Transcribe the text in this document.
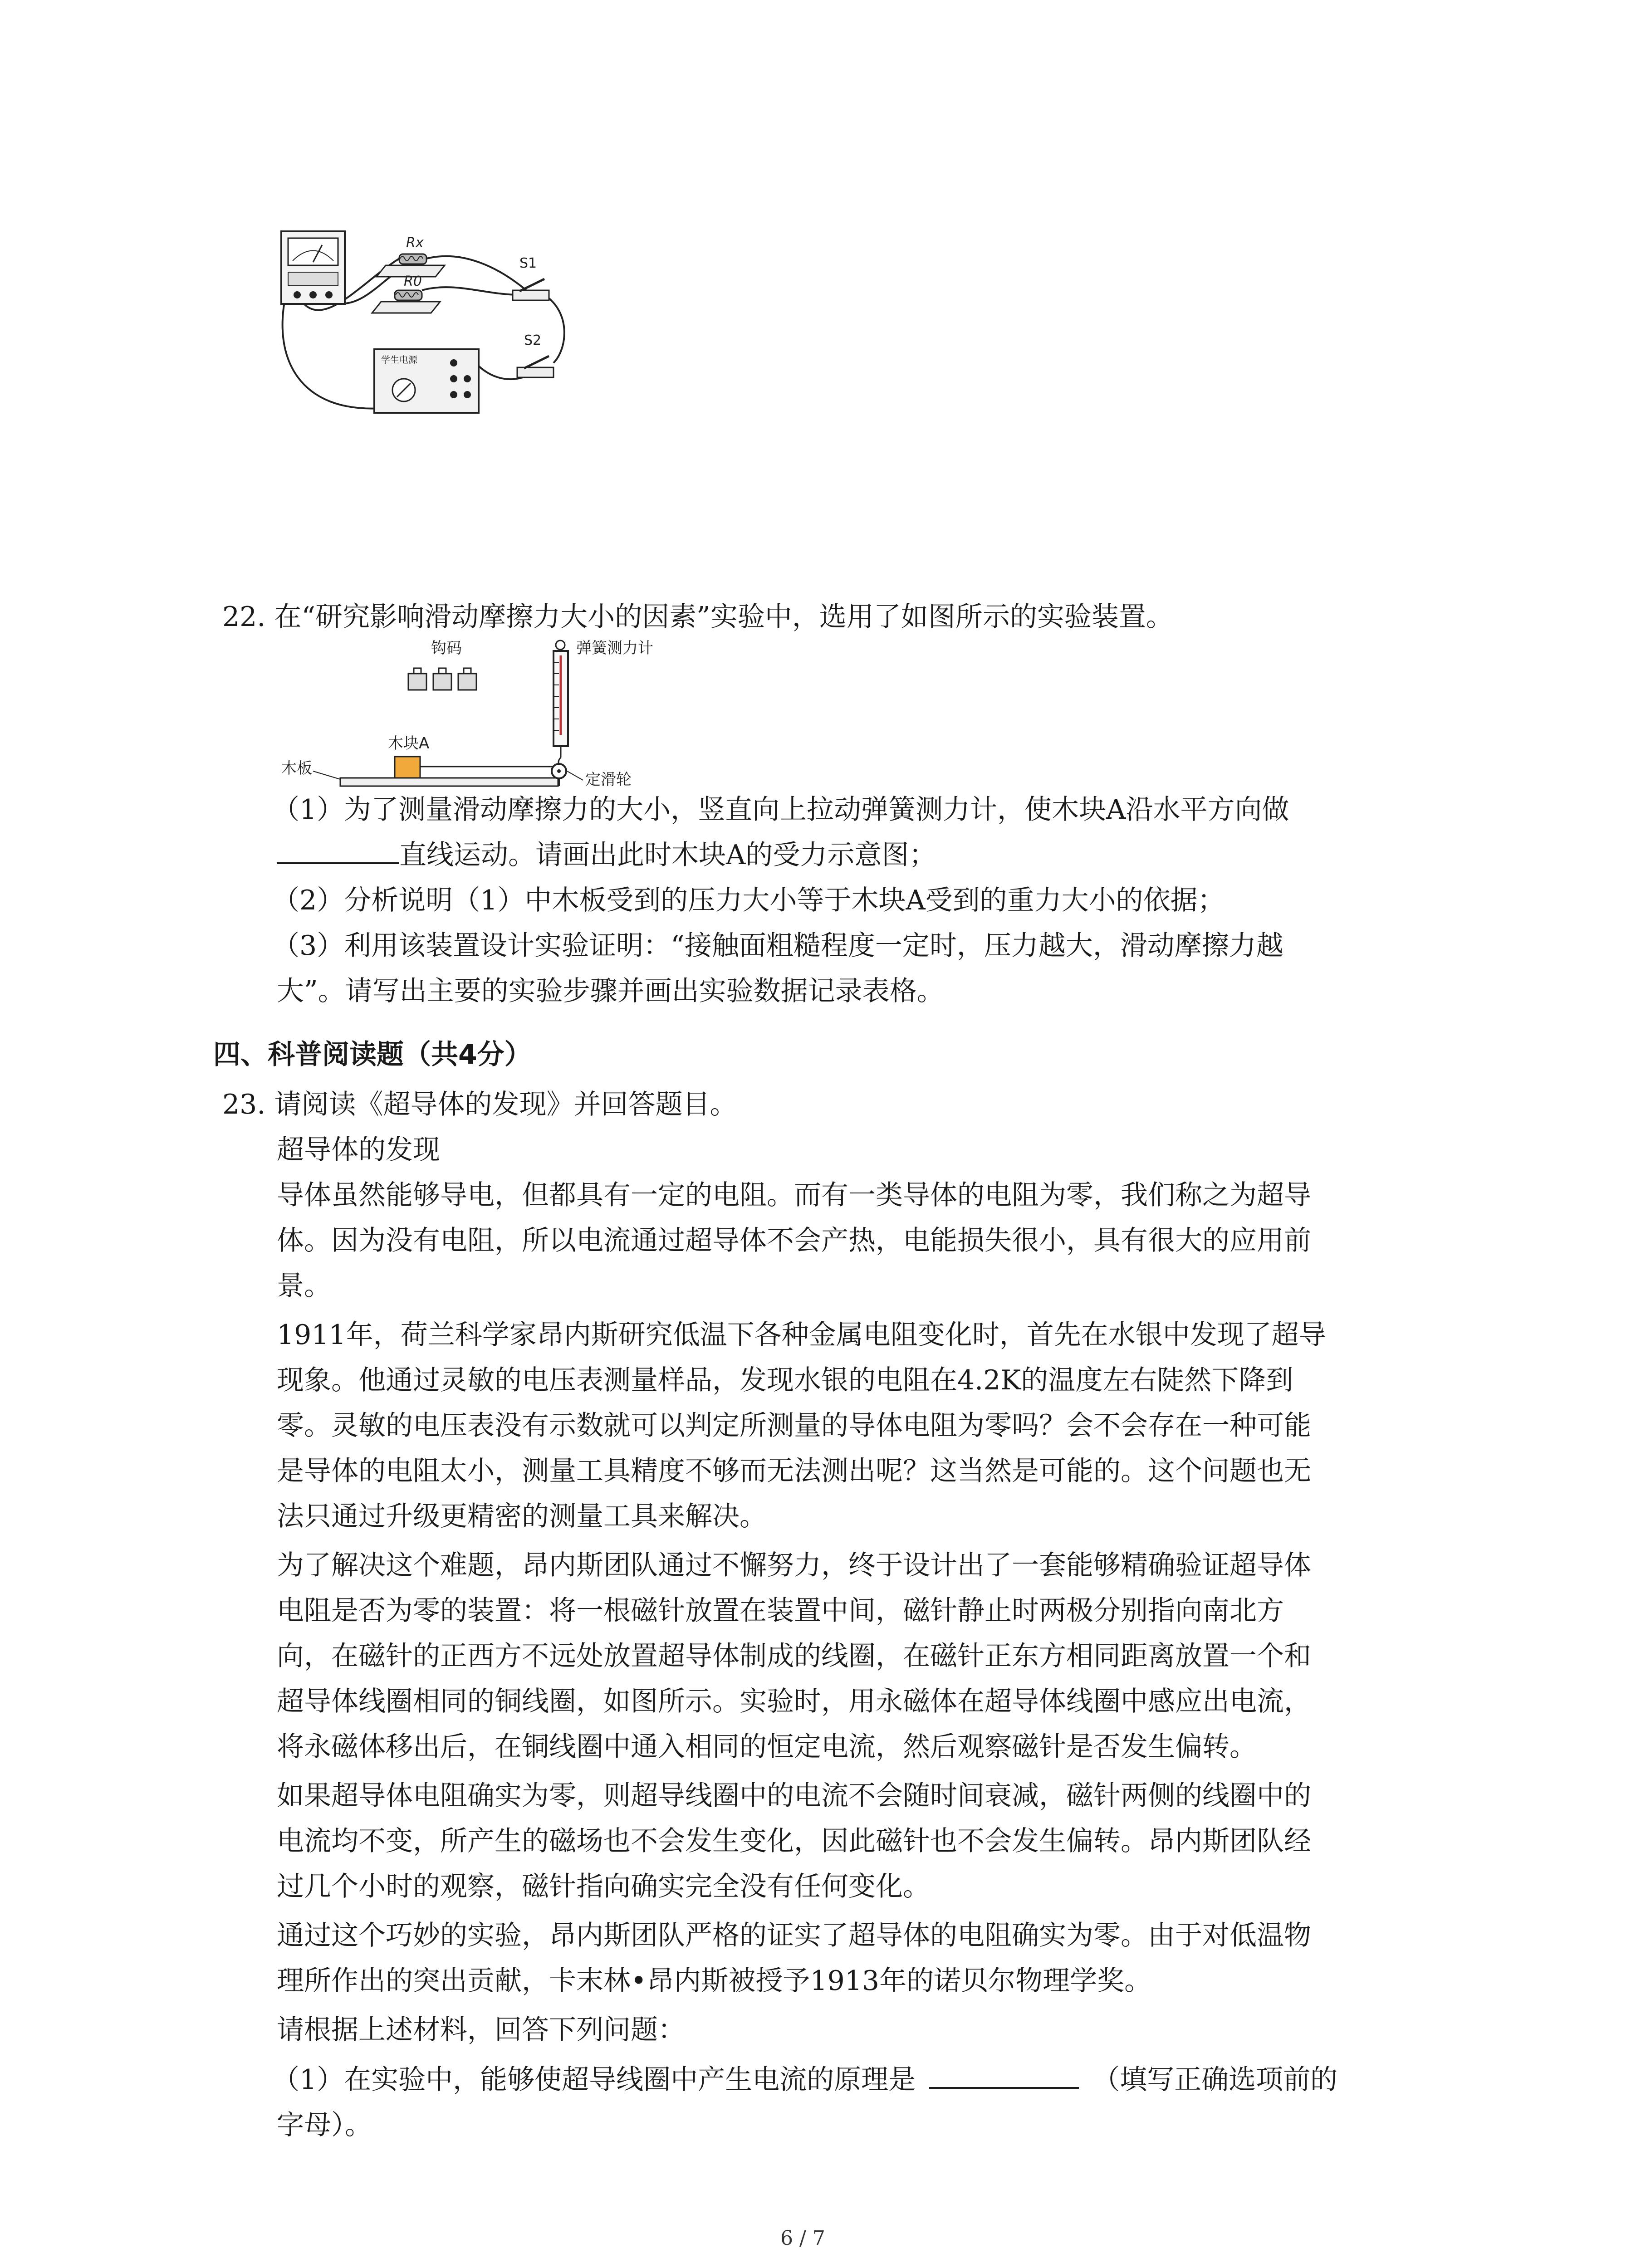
Rx
R0
S1
S2
学生电源
22. 在“研究影响滑动摩擦力大小的因素”实验中，选用了如图所示的实验装置。
钩码	弹簧测力计
木板
木块A
定滑轮
（1）为了测量滑动摩擦力的大小，竖直向上拉动弹簧测力计，使木块A沿水平方向做
直线运动。请画出此时木块A的受力示意图；
（2）分析说明（1）中木板受到的压力大小等于木块A受到的重力大小的依据；
（3）利用该装置设计实验证明：“接触面粗糙程度一定时，压力越大，滑动摩擦力越
大”。请写出主要的实验步骤并画出实验数据记录表格。
四、科普阅读题（共4分）
23. 请阅读《超导体的发现》并回答题目。
超导体的发现
导体虽然能够导电，但都具有一定的电阻。而有一类导体的电阻为零，我们称之为超导
体。因为没有电阻，所以电流通过超导体不会产热，电能损失很小，具有很大的应用前
景。
1911年，荷兰科学家昂内斯研究低温下各种金属电阻变化时，首先在水银中发现了超导
现象。他通过灵敏的电压表测量样品，发现水银的电阻在4.2K的温度左右陡然下降到
零。灵敏的电压表没有示数就可以判定所测量的导体电阻为零吗？会不会存在一种可能
是导体的电阻太小，测量工具精度不够而无法测出呢？这当然是可能的。这个问题也无
法只通过升级更精密的测量工具来解决。
为了解决这个难题，昂内斯团队通过不懈努力，终于设计出了一套能够精确验证超导体
电阻是否为零的装置：将一根磁针放置在装置中间，磁针静止时两极分别指向南北方
向，在磁针的正西方不远处放置超导体制成的线圈，在磁针正东方相同距离放置一个和
超导体线圈相同的铜线圈，如图所示。实验时，用永磁体在超导体线圈中感应出电流，
将永磁体移出后，在铜线圈中通入相同的恒定电流，然后观察磁针是否发生偏转。
如果超导体电阻确实为零，则超导线圈中的电流不会随时间衰减，磁针两侧的线圈中的
电流均不变，所产生的磁场也不会发生变化，因此磁针也不会发生偏转。昂内斯团队经
过几个小时的观察，磁针指向确实完全没有任何变化。
通过这个巧妙的实验，昂内斯团队严格的证实了超导体的电阻确实为零。由于对低温物
理所作出的突出贡献，卡末林•昂内斯被授予1913年的诺贝尔物理学奖。
请根据上述材料，回答下列问题：
（1）在实验中，能够使超导线圈中产生电流的原理是	（填写正确选项前的
字母）。
6 / 7
